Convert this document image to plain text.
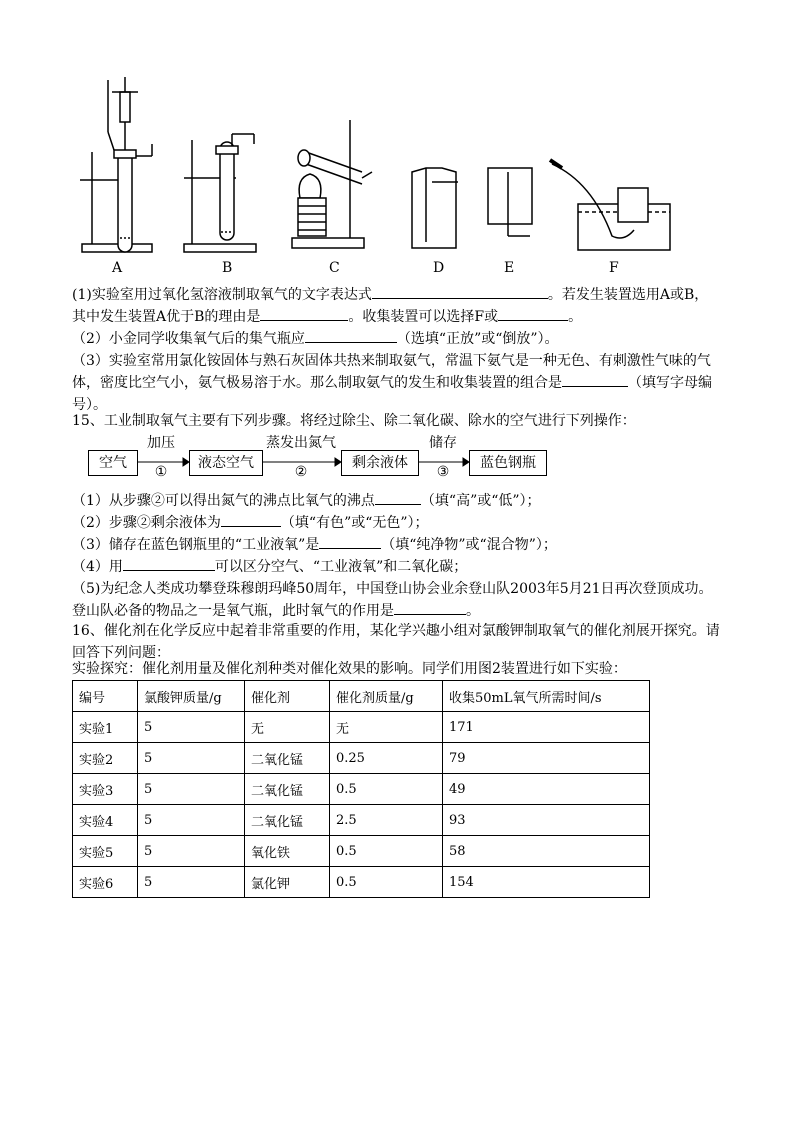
A	B	C	D	E	F
(1)实验室用过氧化氢溶液制取氧气的文字表达式	。若发生装置选用A或B，
其中发生装置A优于B的理由是	。收集装置可以选择F或	。
（2）小金同学收集氧气后的集气瓶应	（选填“正放”或“倒放”）。
（3）实验室常用氯化铵固体与熟石灰固体共热来制取氨气，常温下氨气是一种无色、有刺激性气味的气
体，密度比空气小，氨气极易溶于水。那么制取氨气的发生和收集装置的组合是	（填写字母编
号）。
15、工业制取氧气主要有下列步骤。将经过除尘、除二氧化碳、除水的空气进行下列操作：
空气	液态空气	剩余液体	蓝色钢瓶
加压
①
蒸发出氮气
②
储存
③
（1）从步骤②可以得出氮气的沸点比氧气的沸点	（填“高”或“低”）；
（2）步骤②剩余液体为	（填“有色”或“无色”）；
（3）储存在蓝色钢瓶里的“工业液氧”是	（填“纯净物”或“混合物”）；
（4）用	可以区分空气、“工业液氧”和二氧化碳；
（5)为纪念人类成功攀登珠穆朗玛峰50周年，中国登山协会业余登山队2003年5月21日再次登顶成功。
登山队必备的物品之一是氧气瓶，此时氧气的作用是	。
16、催化剂在化学反应中起着非常重要的作用，某化学兴趣小组对氯酸钾制取氧气的催化剂展开探究。请
回答下列问题：
实验探究：催化剂用量及催化剂种类对催化效果的影响。同学们用图2装置进行如下实验：
编号	氯酸钾质量/g	催化剂	催化剂质量/g	收集50mL氧气所需时间/s
实验1	5	无	无	171
实验2	5	二氧化锰	0.25	79
实验3	5	二氧化锰	0.5	49
实验4	5	二氧化锰	2.5	93
实验5	5	氧化铁	0.5	58
实验6	5	氯化钾	0.5	154
